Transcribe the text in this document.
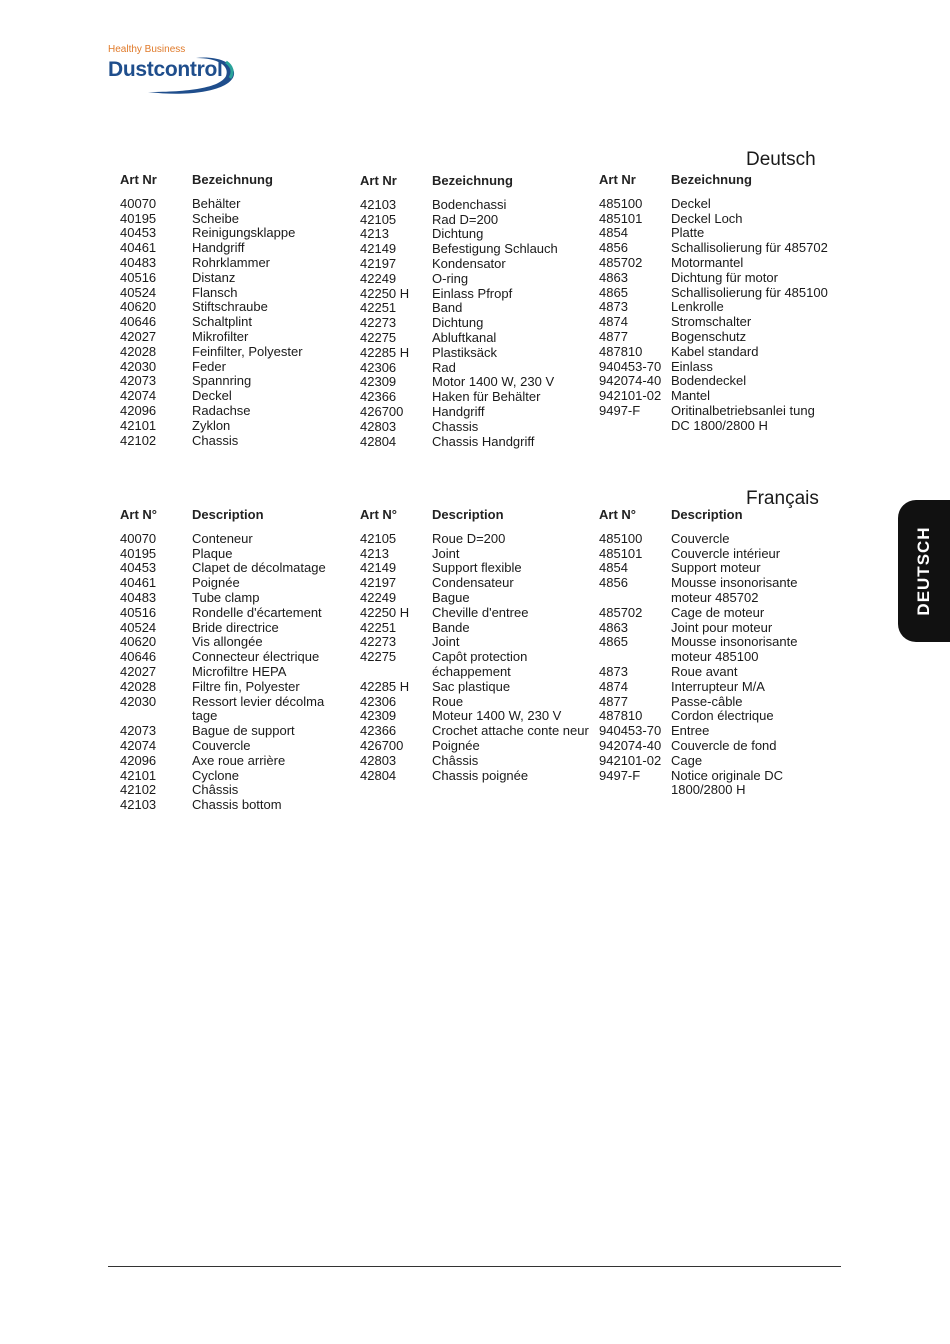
Healthy Business
Dustcontrol
Deutsch
Art Nr	Bezeichnung
40070	Behälter
40195	Scheibe
40453	Reinigungsklappe
40461	Handgriff
40483	Rohrklammer
40516	Distanz
40524	Flansch
40620	Stiftschraube
40646	Schaltplint
42027	Mikrofilter
42028	Feinfilter, Polyester
42030	Feder
42073	Spannring
42074	Deckel
42096	Radachse
42101	Zyklon
42102	Chassis
Art Nr	Bezeichnung
42103	Bodenchassi
42105	Rad D=200
4213	Dichtung
42149	Befestigung Schlauch
42197	Kondensator
42249	O-ring
42250 H	Einlass Pfropf
42251	Band
42273	Dichtung
42275	Abluftkanal
42285 H	Plastiksäck
42306	Rad
42309	Motor 1400 W, 230 V
42366	Haken für Behälter
426700	Handgriff
42803	Chassis
42804	Chassis Handgriff
Art Nr	Bezeichnung
485100	Deckel
485101	Deckel Loch
4854	Platte
4856	Schallisolierung für 485702
485702	Motormantel
4863	Dichtung für motor
4865	Schallisolierung für 485100
4873	Lenkrolle
4874	Stromschalter
4877	Bogenschutz
487810	Kabel standard
940453-70 Einlass
942074-40 Bodendeckel
942101-02 Mantel
9497-F	Oritinalbetriebsanlei tung DC 1800/2800 H
Français
Art N°	Description
40070	Conteneur
40195	Plaque
40453	Clapet de décolmatage
40461	Poignée
40483	Tube clamp
40516	Rondelle d'écartement
40524	Bride directrice
40620	Vis allongée
40646	Connecteur électrique
42027	Microfiltre HEPA
42028	Filtre fin, Polyester
42030	Ressort levier décolma tage
42073	Bague de support
42074	Couvercle
42096	Axe roue arrière
42101	Cyclone
42102	Châssis
42103	Chassis bottom
Art N°	Description
42105	Roue D=200
4213	Joint
42149	Support flexible
42197	Condensateur
42249	Bague
42250 H	Cheville d'entree
42251	Bande
42273	Joint
42275	Capôt protection échappement
42285 H	Sac plastique
42306	Roue
42309	Moteur 1400 W, 230 V
42366	Crochet attache conte neur
426700	Poignée
42803	Châssis
42804	Chassis poignée
Art N°	Description
485100	Couvercle
485101	Couvercle intérieur
4854	Support moteur
4856	Mousse insonorisante moteur 485702
485702	Cage de moteur
4863	Joint pour moteur
4865	Mousse insonorisante moteur 485100
4873	Roue avant
4874	Interrupteur M/A
4877	Passe-câble
487810	Cordon électrique
940453-70 Entree
942074-40 Couvercle de fond
942101-02 Cage
9497-F	Notice originale DC 1800/2800 H
DEUTSCH
